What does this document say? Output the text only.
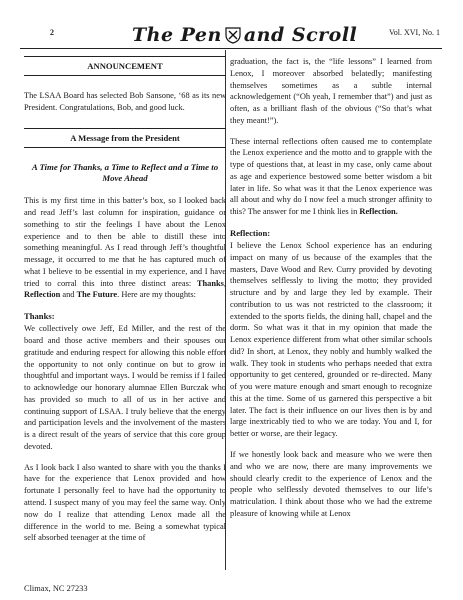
2	The Pen and Scroll	Vol. XVI, No. 1
ANNOUNCEMENT

The LSAA Board has selected Bob Sansone, ‘68 as its new President. Congratulations, Bob, and good luck.

A Message from the President
A Time for Thanks, a Time to Reflect and a Time to Move Ahead

This is my first time in this batter’s box, so I looked back and read Jeff’s last column for inspiration, guidance or something to stir the feelings I have about the Lenox experience and to then be able to distill these into something meaningful. As I read through Jeff’s thoughtful message, it occurred to me that he has captured much of what I believe to be essential in my experience, and I have tried to corral this into three distinct areas: Thanks, Reflection and The Future. Here are my thoughts:

Thanks:

We collectively owe Jeff, Ed Miller, and the rest of the board and those active members and their spouses our gratitude and enduring respect for allowing this noble effort the opportunity to not only continue on but to grow in thoughtful and important ways. I would be remiss if I failed to acknowledge our honorary alumnae Ellen Burczak who has provided so much to all of us in her active and continuing support of LSAA. I truly believe that the energy and participation levels and the involvement of the masters is a direct result of the years of service that this core group devoted.

As I look back I also wanted to share with you the thanks I have for the experience that Lenox provided and how fortunate I personally feel to have had the opportunity to attend. I suspect many of you may feel the same way. Only now do I realize that attending Lenox made all the difference in the world to me. Being a somewhat typical self absorbed teenager at the time of

graduation, the fact is, the “life lessons” I learned from Lenox, I moreover absorbed belatedly; manifesting themselves sometimes as a subtle internal acknowledgement (“Oh yeah, I remember that”) and just as often, as a brilliant flash of the obvious (“So that’s what they meant!”).

These internal reflections often caused me to contemplate the Lenox experience and the motto and to grapple with the type of questions that, at least in my case, only came about as age and experience bestowed some better wisdom a bit later in life. So what was it that the Lenox experience was all about and why do I now feel a much stronger affinity to this? The answer for me I think lies in Reflection.

Reflection:

I believe the Lenox School experience has an enduring impact on many of us because of the examples that the masters, Dave Wood and Rev. Curry provided by devoting themselves selflessly to living the motto; they provided structure and by and large they led by example. Their contribution to us was not restricted to the classroom; it extended to the sports fields, the dining hall, chapel and the dorm. So what was it that in my opinion that made the Lenox experience different from what other similar schools did? In short, at Lenox, they nobly and humbly walked the walk. They took in students who perhaps needed that extra opportunity to get centered, grounded or re-directed. Many of you were mature enough and smart enough to recognize this at the time. Some of us garnered this perspective a bit later. The fact is their influence on our lives then is by and large inextricably tied to who we are today. You and I, for better or worse, are their legacy.

If we honestly look back and measure who we were then and who we are now, there are many improvements we should clearly credit to the experience of Lenox and the people who selflessly devoted themselves to our life’s matriculation. I think about those who we had the extreme pleasure of knowing while at Lenox

Climax, NC 27233
